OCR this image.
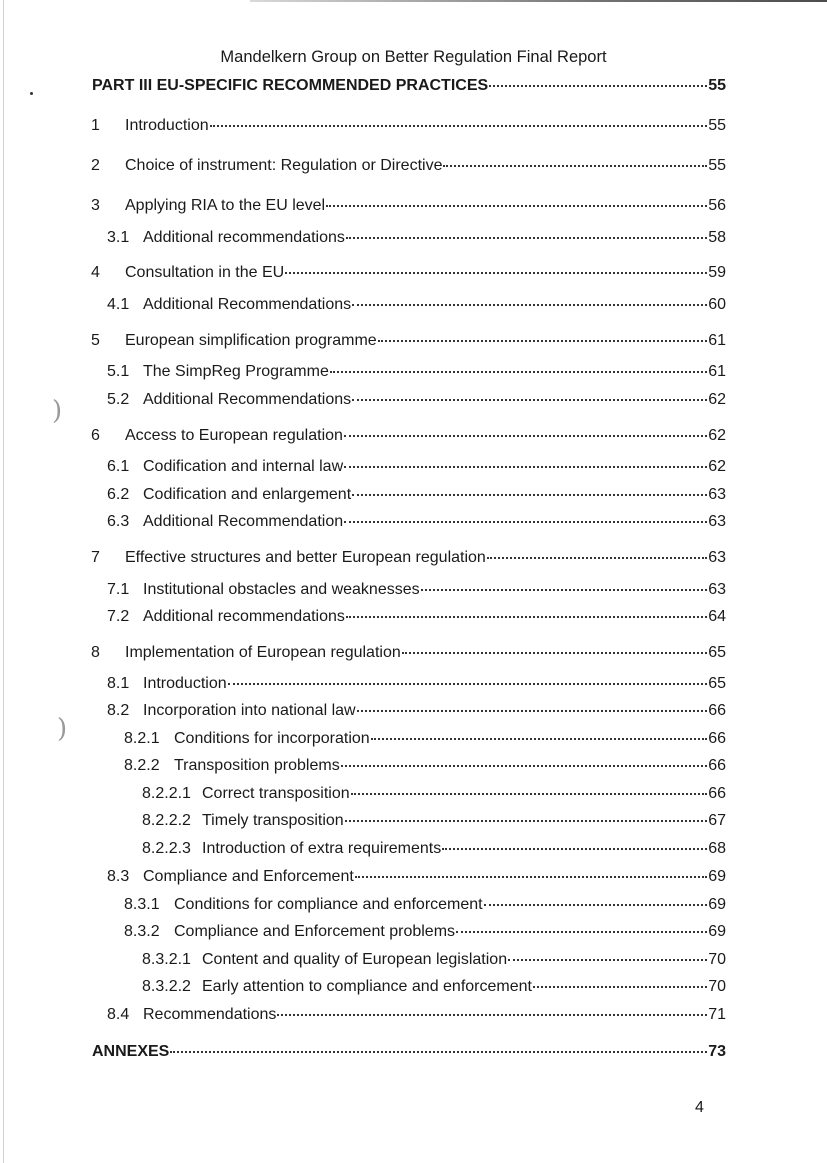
)
)
Mandelkern Group on Better Regulation Final Report
PART III EU-SPECIFIC RECOMMENDED PRACTICES	55
1	Introduction	55
2	Choice of instrument: Regulation or Directive	55
3	Applying RIA to the EU level	56
3.1 Additional recommendations	58
4	Consultation in the EU	59
4.1 Additional Recommendations	60
5	European simplification programme	61
5.1 The SimpReg Programme	61
5.2 Additional Recommendations	62
6	Access to European regulation	62
6.1 Codification and internal law	62
6.2 Codification and enlargement	63
6.3 Additional Recommendation	63
7	Effective structures and better European regulation	63
7.1 Institutional obstacles and weaknesses	63
7.2 Additional recommendations	64
8	Implementation of European regulation	65
8.1 Introduction	65
8.2 Incorporation into national law	66
8.2.1 Conditions for incorporation	66
8.2.2 Transposition problems	66
8.2.2.1 Correct transposition	66
8.2.2.2 Timely transposition	67
8.2.2.3 Introduction of extra requirements	68
8.3 Compliance and Enforcement	69
8.3.1 Conditions for compliance and enforcement	69
8.3.2 Compliance and Enforcement problems	69
8.3.2.1 Content and quality of European legislation	70
8.3.2.2 Early attention to compliance and enforcement	70
8.4 Recommendations	71
ANNEXES	73
4
